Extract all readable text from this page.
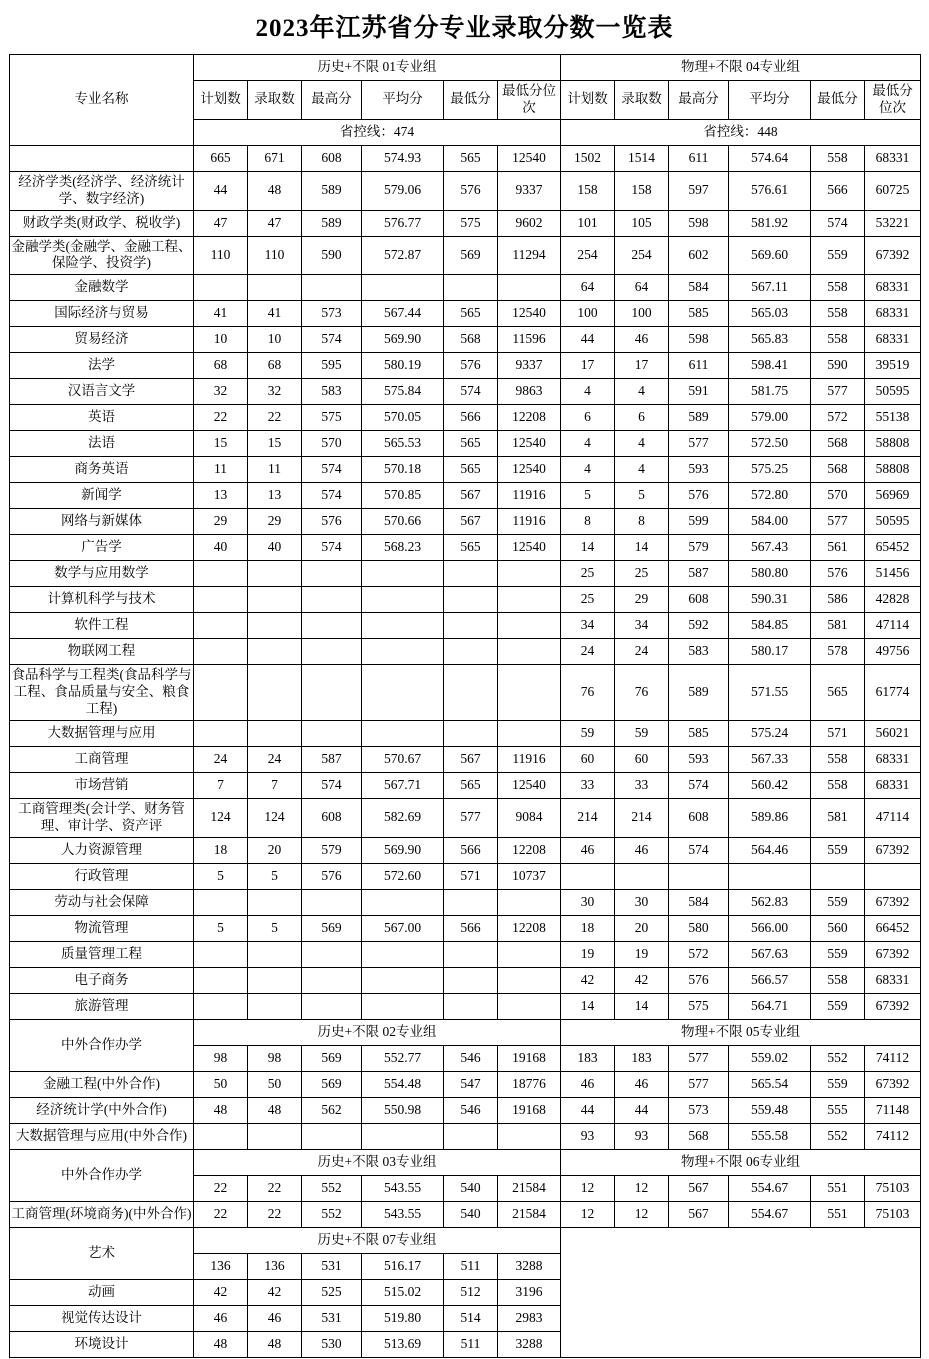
2023年江苏省分专业录取分数一览表
专业名称	历史+不限 01专业组						物理+不限 04专业组					
	计划数	录取数	最高分	平均分	最低分	最低分位次	计划数	录取数	最高分	平均分	最低分	最低分位次
	省控线：474						省控线：448					
	665	671	608	574.93	565	12540	1502	1514	611	574.64	558	68331
经济学类(经济学、经济统计学、数字经济)	44	48	589	579.06	576	9337	158	158	597	576.61	566	60725
财政学类(财政学、税收学)	47	47	589	576.77	575	9602	101	105	598	581.92	574	53221
金融学类(金融学、金融工程、保险学、投资学)	110	110	590	572.87	569	11294	254	254	602	569.60	559	67392
金融数学							64	64	584	567.11	558	68331
国际经济与贸易	41	41	573	567.44	565	12540	100	100	585	565.03	558	68331
贸易经济	10	10	574	569.90	568	11596	44	46	598	565.83	558	68331
法学	68	68	595	580.19	576	9337	17	17	611	598.41	590	39519
汉语言文学	32	32	583	575.84	574	9863	4	4	591	581.75	577	50595
英语	22	22	575	570.05	566	12208	6	6	589	579.00	572	55138
法语	15	15	570	565.53	565	12540	4	4	577	572.50	568	58808
商务英语	11	11	574	570.18	565	12540	4	4	593	575.25	568	58808
新闻学	13	13	574	570.85	567	11916	5	5	576	572.80	570	56969
网络与新媒体	29	29	576	570.66	567	11916	8	8	599	584.00	577	50595
广告学	40	40	574	568.23	565	12540	14	14	579	567.43	561	65452
数学与应用数学							25	25	587	580.80	576	51456
计算机科学与技术							25	29	608	590.31	586	42828
软件工程							34	34	592	584.85	581	47114
物联网工程							24	24	583	580.17	578	49756
食品科学与工程类(食品科学与工程、食品质量与安全、粮食工程)							76	76	589	571.55	565	61774
大数据管理与应用							59	59	585	575.24	571	56021
工商管理	24	24	587	570.67	567	11916	60	60	593	567.33	558	68331
市场营销	7	7	574	567.71	565	12540	33	33	574	560.42	558	68331
工商管理类(会计学、财务管理、审计学、资产评	124	124	608	582.69	577	9084	214	214	608	589.86	581	47114
人力资源管理	18	20	579	569.90	566	12208	46	46	574	564.46	559	67392
行政管理	5	5	576	572.60	571	10737						
劳动与社会保障							30	30	584	562.83	559	67392
物流管理	5	5	569	567.00	566	12208	18	20	580	566.00	560	66452
质量管理工程							19	19	572	567.63	559	67392
电子商务							42	42	576	566.57	558	68331
旅游管理							14	14	575	564.71	559	67392
中外合作办学	历史+不限 02专业组						物理+不限 05专业组					
	98	98	569	552.77	546	19168	183	183	577	559.02	552	74112
金融工程(中外合作)	50	50	569	554.48	547	18776	46	46	577	565.54	559	67392
经济统计学(中外合作)	48	48	562	550.98	546	19168	44	44	573	559.48	555	71148
大数据管理与应用(中外合作)							93	93	568	555.58	552	74112
中外合作办学	历史+不限 03专业组						物理+不限 06专业组					
	22	22	552	543.55	540	21584	12	12	567	554.67	551	75103
工商管理(环境商务)(中外合作)	22	22	552	543.55	540	21584	12	12	567	554.67	551	75103
艺术	历史+不限 07专业组											
	136	136	531	516.17	511	3288						
动画	42	42	525	515.02	512	3196						
视觉传达设计	46	46	531	519.80	514	2983						
环境设计	48	48	530	513.69	511	3288						
